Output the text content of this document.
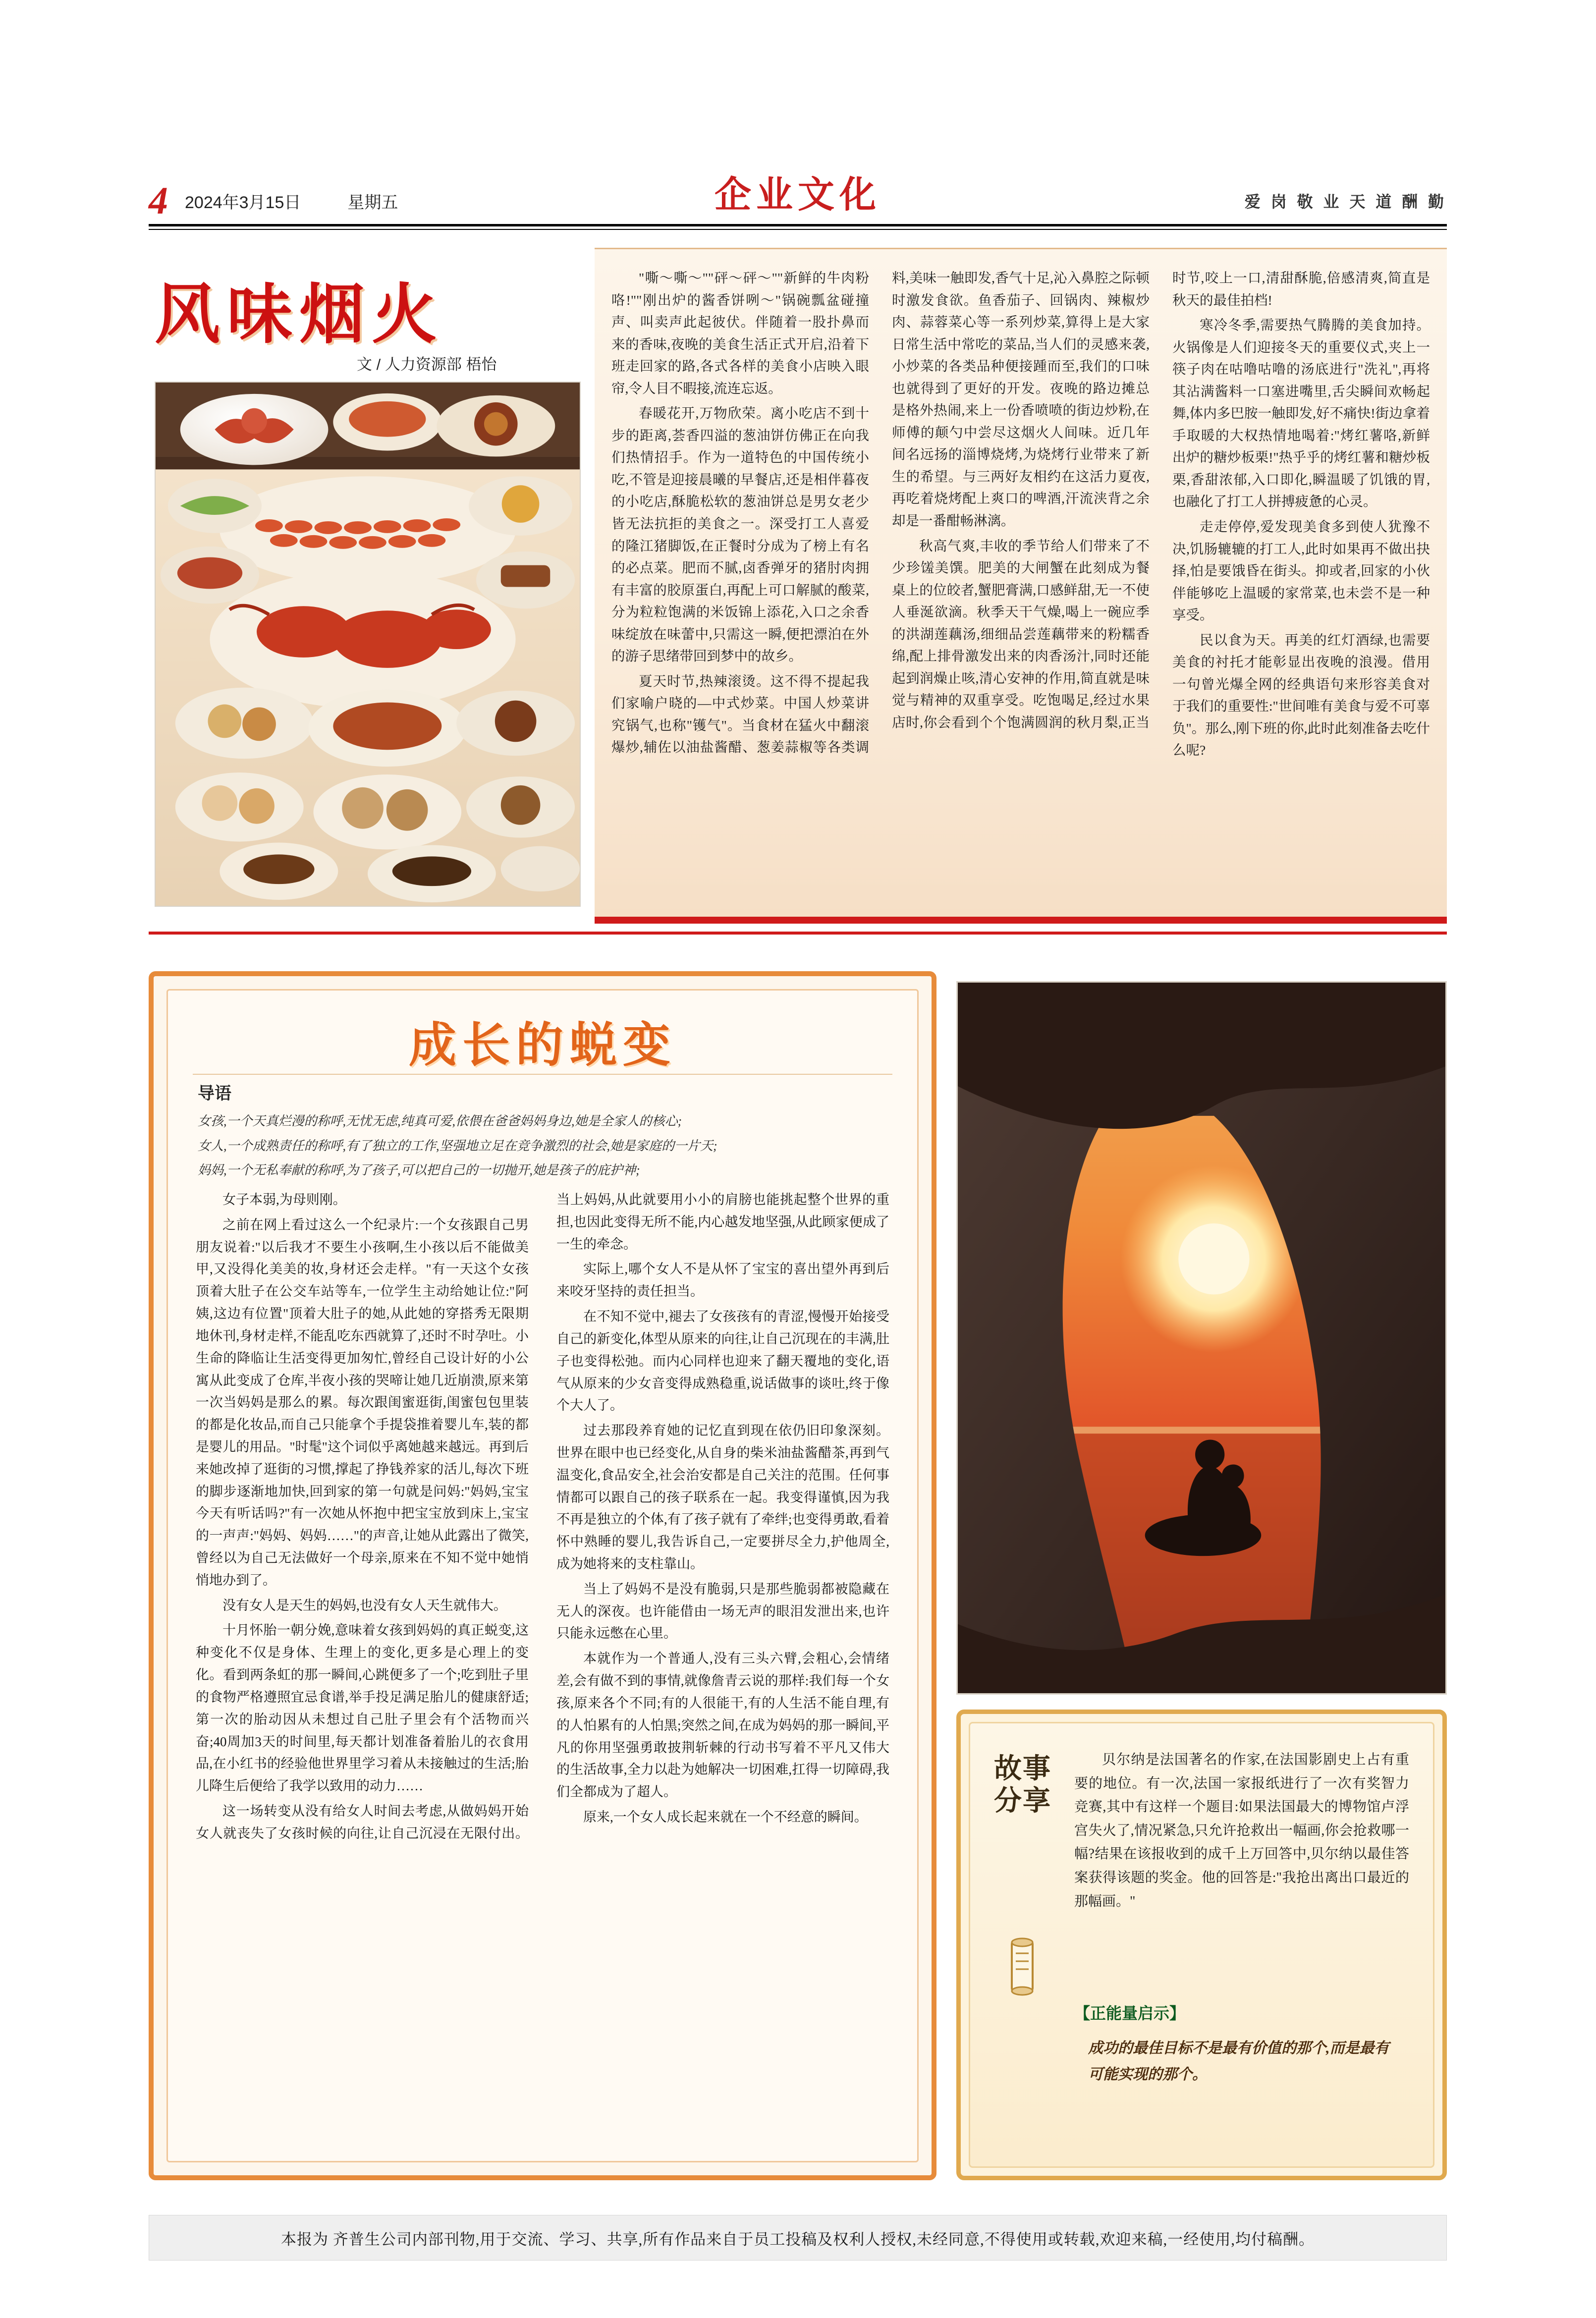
4 2024年3月15日	星期五	企业文化	爱 岗 敬 业 天 道 酬 勤
风味烟火
文 / 人力资源部 梧怡

"嘶～嘶～""砰～砰～""新鲜的牛肉粉咯!""刚出炉的酱香饼咧～"锅碗瓢盆碰撞声、叫卖声此起彼伏。伴随着一股扑鼻而来的香味,夜晚的美食生活正式开启,沿着下班走回家的路,各式各样的美食小店映入眼帘,令人目不暇接,流连忘返。

春暖花开,万物欣荣。离小吃店不到十步的距离,荟香四溢的葱油饼仿佛正在向我们热情招手。作为一道特色的中国传统小吃,不管是迎接晨曦的早餐店,还是相伴暮夜的小吃店,酥脆松软的葱油饼总是男女老少皆无法抗拒的美食之一。深受打工人喜爱的隆江猪脚饭,在正餐时分成为了榜上有名的必点菜。肥而不腻,卤香弹牙的猪肘肉拥有丰富的胶原蛋白,再配上可口解腻的酸菜,分为粒粒饱满的米饭锦上添花,入口之余香味绽放在味蕾中,只需这一瞬,便把漂泊在外的游子思绪带回到梦中的故乡。

夏天时节,热辣滚烫。这不得不提起我们家喻户晓的—中式炒菜。中国人炒菜讲究锅气,也称"镬气"。当食材在猛火中翻滚爆炒,辅佐以油盐酱醋、葱姜蒜椒等各类调料,美味一触即发,香气十足,沁入鼻腔之际顿时激发食欲。鱼香茄子、回锅肉、辣椒炒肉、蒜蓉菜心等一系列炒菜,算得上是大家日常生活中常吃的菜品,当人们的灵感来袭,小炒菜的各类品种便接踵而至,我们的口味也就得到了更好的开发。夜晚的路边摊总是格外热闹,来上一份香喷喷的街边炒粉,在师傅的颠勺中尝尽这烟火人间味。近几年间名远扬的淄博烧烤,为烧烤行业带来了新生的希望。与三两好友相约在这活力夏夜,再吃着烧烤配上爽口的啤酒,汗流浃背之余却是一番酣畅淋漓。

秋高气爽,丰收的季节给人们带来了不少珍馐美馔。肥美的大闸蟹在此刻成为餐桌上的位皎者,蟹肥膏满,口感鲜甜,无一不使人垂涎欲滴。秋季天干气燥,喝上一碗应季的洪湖莲藕汤,细细品尝莲藕带来的粉糯香绵,配上排骨激发出来的肉香汤汁,同时还能起到润燥止咳,清心安神的作用,简直就是味觉与精神的双重享受。吃饱喝足,经过水果店时,你会看到个个饱满圆润的秋月梨,正当时节,咬上一口,清甜酥脆,倍感清爽,简直是秋天的最佳拍档!

寒冷冬季,需要热气腾腾的美食加持。火锅像是人们迎接冬天的重要仪式,夹上一筷子肉在咕噜咕噜的汤底进行"洗礼",再将其沾满酱料一口塞进嘴里,舌尖瞬间欢畅起舞,体内多巴胺一触即发,好不痛快!街边拿着手取暖的大权热情地喝着:"烤红薯咯,新鲜出炉的糖炒板栗!"热乎乎的烤红薯和糖炒板栗,香甜浓郁,入口即化,瞬温暖了饥饿的胃,也融化了打工人拼搏疲惫的心灵。

走走停停,爱发现美食多到使人犹豫不决,饥肠辘辘的打工人,此时如果再不做出抉择,怕是要饿昏在街头。抑或者,回家的小伙伴能够吃上温暖的家常菜,也未尝不是一种享受。

民以食为天。再美的红灯酒绿,也需要美食的衬托才能彰显出夜晚的浪漫。借用一句曾光爆全网的经典语句来形容美食对于我们的重要性:"世间唯有美食与爱不可辜负"。那么,刚下班的你,此时此刻准备去吃什么呢?

成长的蜕变
导语

女孩,一个天真烂漫的称呼,无忧无虑,纯真可爱,依偎在爸爸妈妈身边,她是全家人的核心;

女人,一个成熟责任的称呼,有了独立的工作,坚强地立足在竞争激烈的社会,她是家庭的一片天;

妈妈,一个无私奉献的称呼,为了孩子,可以把自己的一切抛开,她是孩子的庇护神;

女子本弱,为母则刚。

之前在网上看过这么一个纪录片:一个女孩跟自己男朋友说着:"以后我才不要生小孩啊,生小孩以后不能做美甲,又没得化美美的妆,身材还会走样。"有一天这个女孩顶着大肚子在公交车站等车,一位学生主动给她让位:"阿姨,这边有位置"顶着大肚子的她,从此她的穿搭秀无限期地休刊,身材走样,不能乱吃东西就算了,还时不时孕吐。小生命的降临让生活变得更加匆忙,曾经自己设计好的小公寓从此变成了仓库,半夜小孩的哭啼让她几近崩溃,原来第一次当妈妈是那么的累。每次跟闺蜜逛街,闺蜜包包里装的都是化妆品,而自己只能拿个手提袋推着婴儿车,装的都是婴儿的用品。"时髦"这个词似乎离她越来越远。再到后来她改掉了逛街的习惯,撑起了挣钱养家的活儿,每次下班的脚步逐渐地加快,回到家的第一句就是问妈:"妈妈,宝宝今天有听话吗?"有一次她从怀抱中把宝宝放到床上,宝宝的一声声:"妈妈、妈妈……"的声音,让她从此露出了微笑,曾经以为自己无法做好一个母亲,原来在不知不觉中她悄悄地办到了。

没有女人是天生的妈妈,也没有女人天生就伟大。

十月怀胎一朝分娩,意味着女孩到妈妈的真正蜕变,这种变化不仅是身体、生理上的变化,更多是心理上的变化。看到两条虹的那一瞬间,心跳便多了一个;吃到肚子里的食物严格遵照宜忌食谱,举手投足满足胎儿的健康舒适;第一次的胎动因从未想过自己肚子里会有个活物而兴奋;40周加3天的时间里,每天都计划准备着胎儿的衣食用品,在小红书的经验他世界里学习着从未接触过的生活;胎儿降生后便给了我学以致用的动力……

这一场转变从没有给女人时间去考虑,从做妈妈开始女人就丧失了女孩时候的向往,让自己沉浸在无限付出。当上妈妈,从此就要用小小的肩膀也能挑起整个世界的重担,也因此变得无所不能,内心越发地坚强,从此顾家便成了一生的牵念。

实际上,哪个女人不是从怀了宝宝的喜出望外再到后来咬牙坚持的责任担当。

在不知不觉中,褪去了女孩孩有的青涩,慢慢开始接受自己的新变化,体型从原来的向往,让自己沉现在的丰满,肚子也变得松弛。而内心同样也迎来了翻天覆地的变化,语气从原来的少女音变得成熟稳重,说话做事的谈吐,终于像个大人了。

过去那段养育她的记忆直到现在依仍旧印象深刻。世界在眼中也已经变化,从自身的柴米油盐酱醋茶,再到气温变化,食品安全,社会治安都是自己关注的范围。任何事情都可以跟自己的孩子联系在一起。我变得谨慎,因为我不再是独立的个体,有了孩子就有了牵绊;也变得勇敢,看着怀中熟睡的婴儿,我告诉自己,一定要拼尽全力,护他周全,成为她将来的支柱靠山。

当上了妈妈不是没有脆弱,只是那些脆弱都被隐藏在无人的深夜。也许能借由一场无声的眼泪发泄出来,也许只能永远憋在心里。

本就作为一个普通人,没有三头六臂,会粗心,会情绪差,会有做不到的事情,就像詹青云说的那样:我们每一个女孩,原来各个不同;有的人很能干,有的人生活不能自理,有的人怕累有的人怕黑;突然之间,在成为妈妈的那一瞬间,平凡的你用坚强勇敢披荆斩棘的行动书写着不平凡又伟大的生活故事,全力以赴为她解决一切困难,扛得一切障碍,我们全都成为了超人。

原来,一个女人成长起来就在一个不经意的瞬间。

故事分享
贝尔纳是法国著名的作家,在法国影剧史上占有重要的地位。有一次,法国一家报纸进行了一次有奖智力竞赛,其中有这样一个题目:如果法国最大的博物馆卢浮宫失火了,情况紧急,只允许抢救出一幅画,你会抢救哪一幅?结果在该报收到的成千上万回答中,贝尔纳以最佳答案获得该题的奖金。他的回答是:"我抢出离出口最近的那幅画。"
【正能量启示】
成功的最佳目标不是最有价值的那个,而是最有可能实现的那个。
本报为 齐普生公司内部刊物,用于交流、学习、共享,所有作品来自于员工投稿及权利人授权,未经同意,不得使用或转载,欢迎来稿,一经使用,均付稿酬。
